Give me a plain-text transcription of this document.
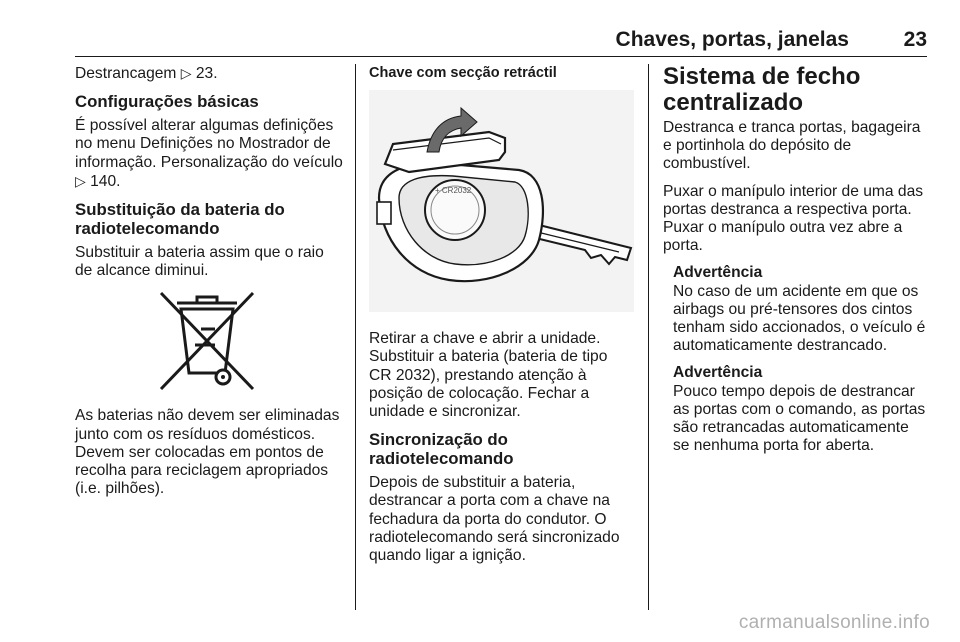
Chaves, portas, janelas	23

Destrancagem ▷ 23.

Configurações básicas

É possível alterar algumas definições no menu Definições no Mostrador de informação. Personalização do veículo ▷ 140.

Substituição da bateria do radiotelecomando

Substituir a bateria assim que o raio de alcance diminui.

As baterias não devem ser eliminadas junto com os resíduos domésticos. Devem ser colocadas em pontos de recolha para reciclagem apropriados (i.e. pilhões).

Chave com secção retráctil
+ CR2032

Retirar a chave e abrir a unidade. Substituir a bateria (bateria de tipo CR 2032), prestando atenção à posição de colocação. Fechar a unidade e sincronizar.

Sincronização do radiotelecomando

Depois de substituir a bateria, destrancar a porta com a chave na fechadura da porta do condutor. O radiotelecomando será sincronizado quando ligar a ignição.

Sistema de fecho centralizado

Destranca e tranca portas, bagageira e portinhola do depósito de combustível.

Puxar o manípulo interior de uma das portas destranca a respectiva porta. Puxar o manípulo outra vez abre a porta.

Advertência

No caso de um acidente em que os airbags ou pré-tensores dos cintos tenham sido accionados, o veículo é automaticamente destrancado.

Advertência

Pouco tempo depois de destrancar as portas com o comando, as portas são retrancadas automaticamente se nenhuma porta for aberta.

carmanualsonline.info
